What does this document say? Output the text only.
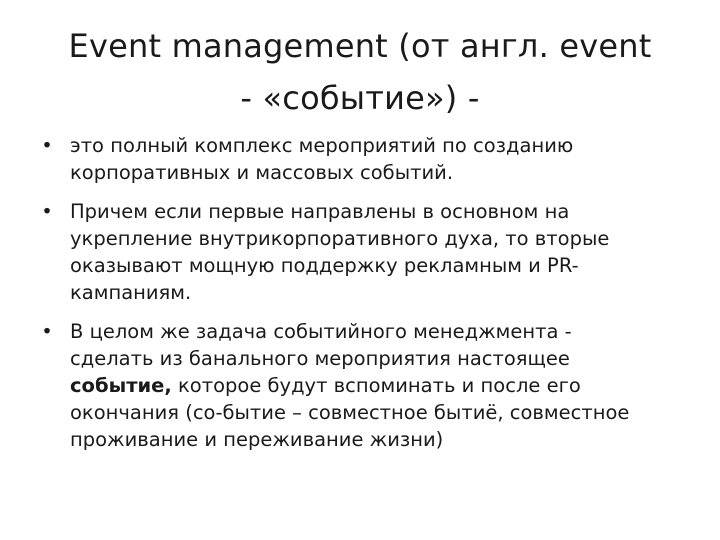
Event management (от англ. event
- «событие») -
• это полный комплекс мероприятий по созданию
корпоративных и массовых событий.
• Причем если первые направлены в основном на
укрепление внутрикорпоративного духа, то вторые
оказывают мощную поддержку рекламным и PR-
кампаниям.
• В целом же задача событийного менеджмента -
сделать из банального мероприятия настоящее
событие, которое будут вспоминать и после его
окончания (со-бытие – совместное бытиё, совместное
проживание и переживание жизни)
